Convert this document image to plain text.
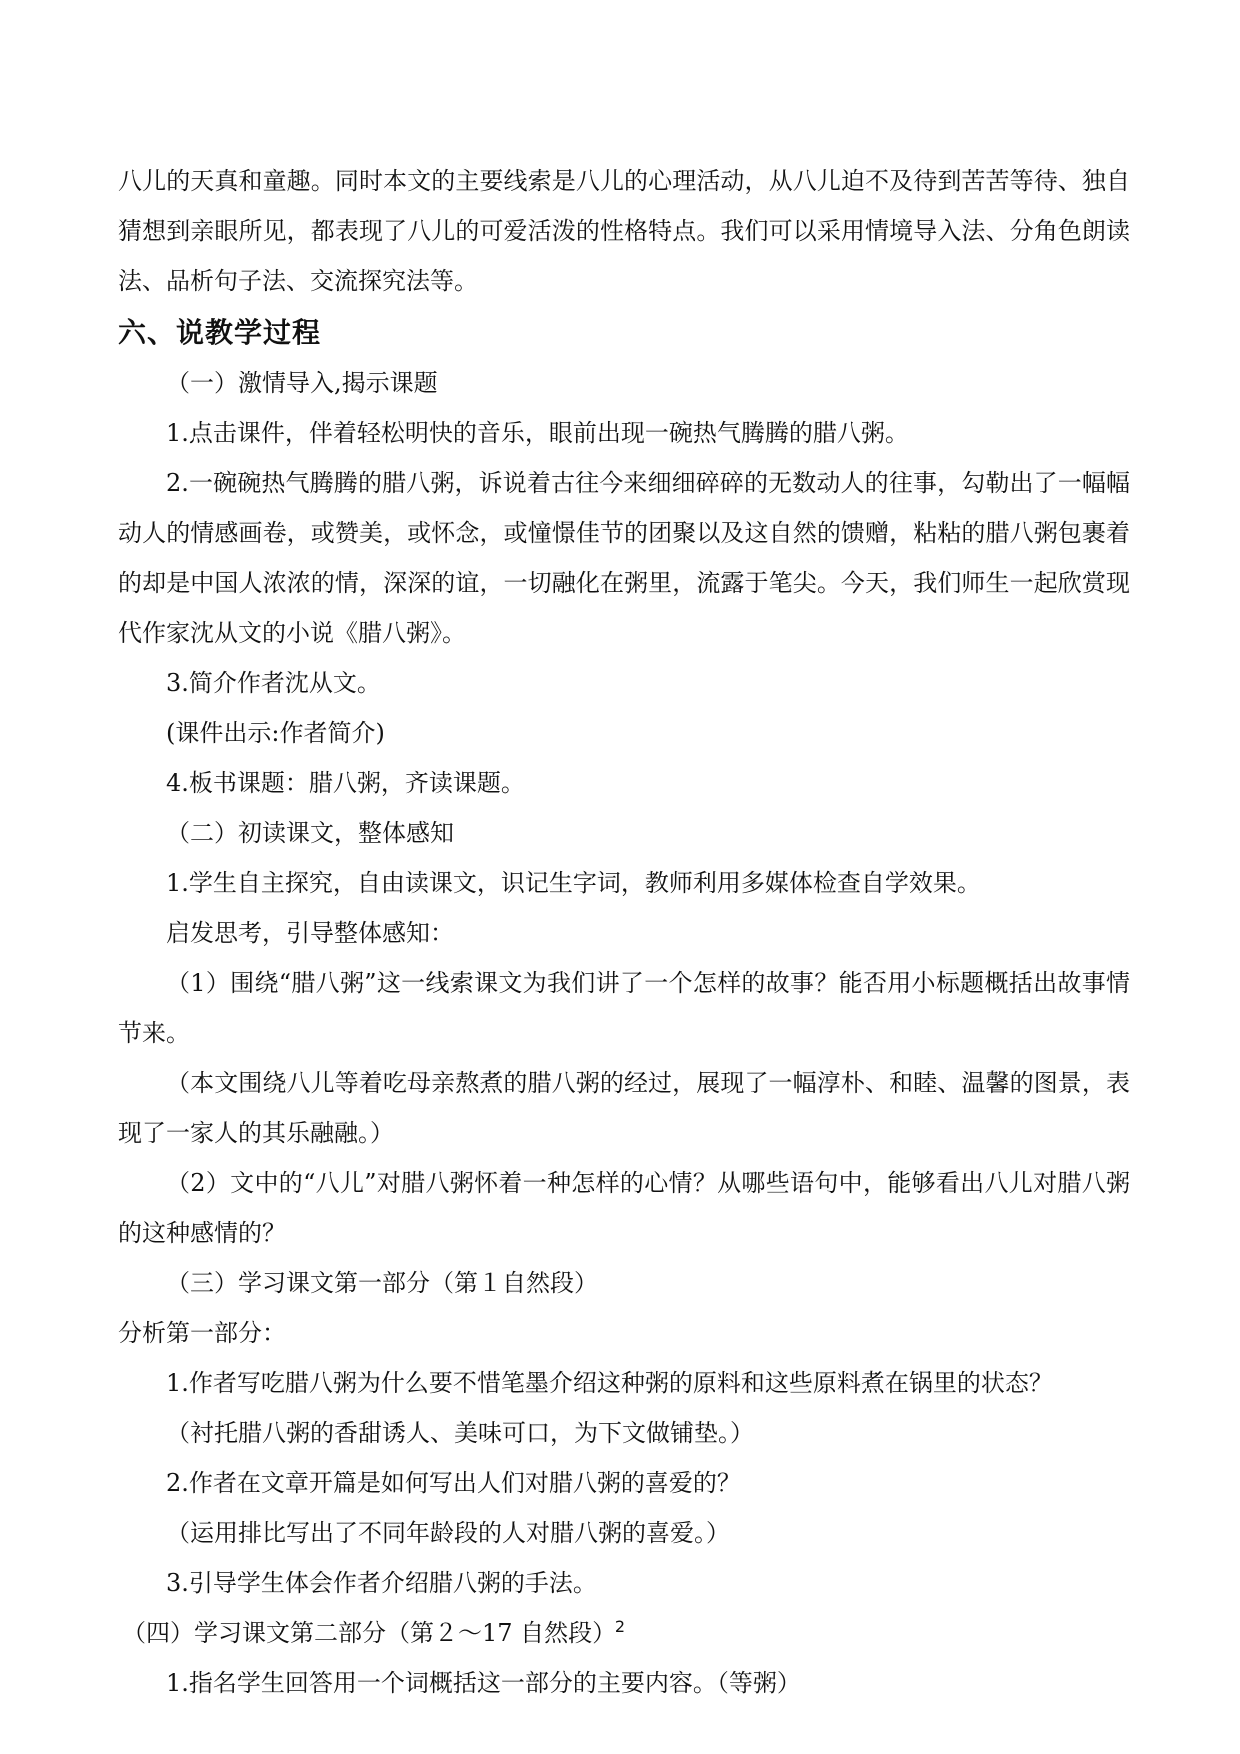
八儿的天真和童趣。同时本文的主要线索是八儿的心理活动，从八儿迫不及待到苦苦等待、独自猜想到亲眼所见，都表现了八儿的可爱活泼的性格特点。我们可以采用情境导入法、分角色朗读法、品析句子法、交流探究法等。

六、说教学过程

（一）激情导入,揭示课题

1.点击课件，伴着轻松明快的音乐，眼前出现一碗热气腾腾的腊八粥。

2.一碗碗热气腾腾的腊八粥，诉说着古往今来细细碎碎的无数动人的往事，勾勒出了一幅幅动人的情感画卷，或赞美，或怀念，或憧憬佳节的团聚以及这自然的馈赠，粘粘的腊八粥包裹着的却是中国人浓浓的情，深深的谊，一切融化在粥里，流露于笔尖。今天，我们师生一起欣赏现代作家沈从文的小说《腊八粥》。

3.简介作者沈从文。

(课件出示:作者简介)

4.板书课题：腊八粥，齐读课题。

（二）初读课文，整体感知

1.学生自主探究，自由读课文，识记生字词，教师利用多媒体检查自学效果。

启发思考，引导整体感知：

（1）围绕“腊八粥”这一线索课文为我们讲了一个怎样的故事？能否用小标题概括出故事情节来。

（本文围绕八儿等着吃母亲熬煮的腊八粥的经过，展现了一幅淳朴、和睦、温馨的图景，表现了一家人的其乐融融。）

（2）文中的“八儿”对腊八粥怀着一种怎样的心情？从哪些语句中，能够看出八儿对腊八粥的这种感情的？

（三）学习课文第一部分（第１自然段）

分析第一部分：

1.作者写吃腊八粥为什么要不惜笔墨介绍这种粥的原料和这些原料煮在锅里的状态？

（衬托腊八粥的香甜诱人、美味可口，为下文做铺垫。）

2.作者在文章开篇是如何写出人们对腊八粥的喜爱的？

（运用排比写出了不同年龄段的人对腊八粥的喜爱。）

3.引导学生体会作者介绍腊八粥的手法。

（四）学习课文第二部分（第２～17 自然段）

1.指名学生回答用一个词概括这一部分的主要内容。（等粥）

2
